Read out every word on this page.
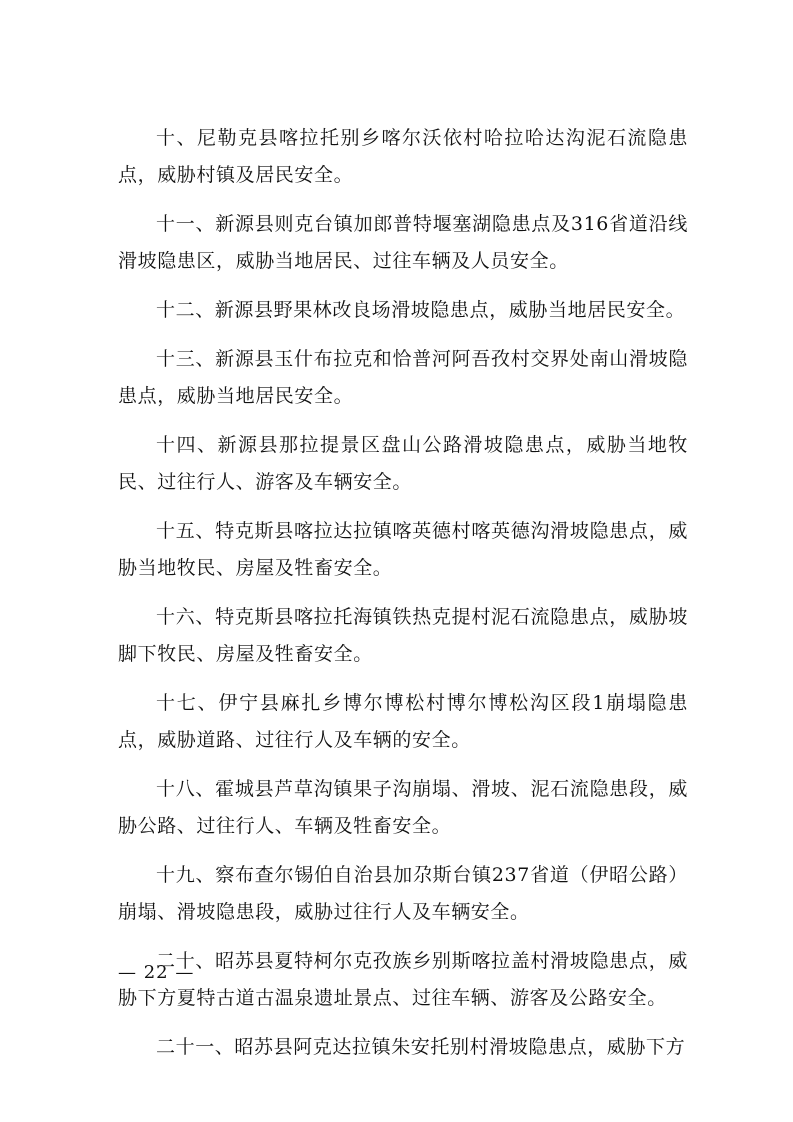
十、尼勒克县喀拉托别乡喀尔沃依村哈拉哈达沟泥石流隐患点，威胁村镇及居民安全。

十一、新源县则克台镇加郎普特堰塞湖隐患点及316省道沿线滑坡隐患区，威胁当地居民、过往车辆及人员安全。

十二、新源县野果林改良场滑坡隐患点，威胁当地居民安全。

十三、新源县玉什布拉克和恰普河阿吾孜村交界处南山滑坡隐患点，威胁当地居民安全。

十四、新源县那拉提景区盘山公路滑坡隐患点，威胁当地牧民、过往行人、游客及车辆安全。

十五、特克斯县喀拉达拉镇喀英德村喀英德沟滑坡隐患点，威胁当地牧民、房屋及牲畜安全。

十六、特克斯县喀拉托海镇铁热克提村泥石流隐患点，威胁坡脚下牧民、房屋及牲畜安全。

十七、伊宁县麻扎乡博尔博松村博尔博松沟区段1崩塌隐患点，威胁道路、过往行人及车辆的安全。

十八、霍城县芦草沟镇果子沟崩塌、滑坡、泥石流隐患段，威胁公路、过往行人、车辆及牲畜安全。

十九、察布查尔锡伯自治县加尕斯台镇237省道（伊昭公路）崩塌、滑坡隐患段，威胁过往行人及车辆安全。

二十、昭苏县夏特柯尔克孜族乡别斯喀拉盖村滑坡隐患点，威胁下方夏特古道古温泉遗址景点、过往车辆、游客及公路安全。

二十一、昭苏县阿克达拉镇朱安托别村滑坡隐患点，威胁下方

— 22 —
